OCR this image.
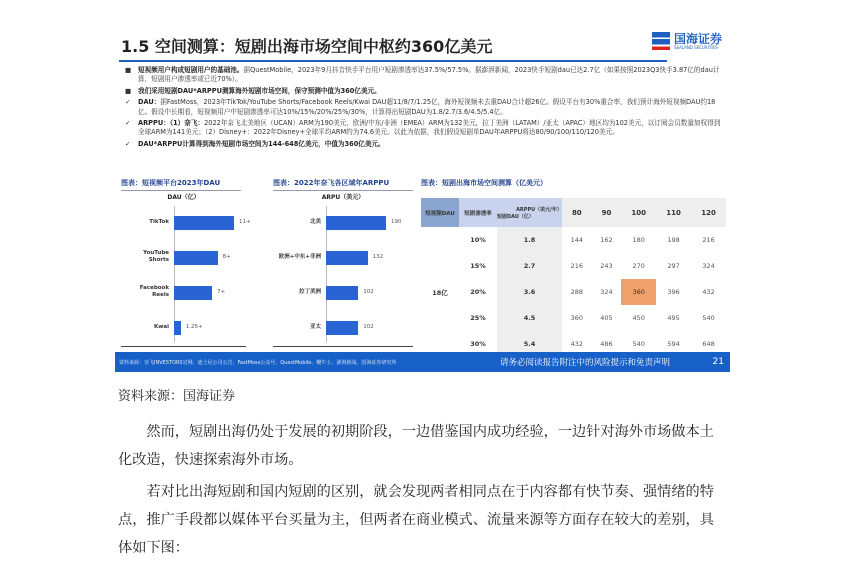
1.5 空间测算：短剧出海市场空间中枢约360亿美元	国海证券
SEALAND SECURITIES
■ 短视频用户构成短剧用户的基础池。据QuestMobile，2023年9月抖音快手平台用户短剧渗透率达37.5%/57.5%。据澎湃新闻，2023快手短剧dau已达2.7亿（如果按照2023Q3快手3.87亿的dau计算，短剧用户渗透率或已近70%）。
■ 我们采用短剧DAU*ARPPU测算海外短剧市场空间，保守预测中值为360亿美元。
✓	DAU：据FastMoss，2023年TikTok/YouTube Shorts/Facebook Reels/Kwai DAU超11/8/7/1.25亿，海外短视频未去重DAU合计超26亿。假设平台有30%重合率，我们预计海外短视频DAU约18亿。假设中长期看，短视频用户中短剧渗透率可达10%/15%/20%/25%/30%，计算得出短剧DAU为1.8/2.7/3.6/4.5/5.4亿。
✓	ARPPU：（1）奈飞：2022年奈飞北美地区（UCAN）ARM为190美元，欧洲/中东/非洲（EMEA）ARM为132美元，拉丁美洲（LATAM）/亚太（APAC）地区均为102美元，以订阅会员数量加权得到全球ARM为141美元；（2）Disney+：2022年Disney+全球平均ARM约为74.6美元。以此为依据，我们假设短剧单DAU年ARPPU将达80/90/100/110/120美元。
✓	DAU*ARPPU计算得到海外短剧市场空间为144-648亿美元，中值为360亿美元。
图表：短视频平台2023年DAU
DAU（亿）
TikTok	11+
YouTube Shorts	8+
Facebook Reels	7+
Kwai	1.25+
图表：2022年奈飞各区域年ARPPU
ARPU（美元）
北美	190
欧洲+中东+非洲	132
拉丁美洲	102
亚太	102
图表：短剧出海市场空间测算（亿美元）
短视频DAU	短剧渗透率	ARPPU（美元/年）
短剧DAU（亿）	80	90	100	110	120
18亿	10%	1.8	144	162	180	198	216
	15%	2.7	216	243	270	297	324
	20%	3.6	288	324	360	396	432
	25%	4.5	360	405	450	495	540
	30%	5.4	432	486	540	594	648
资料来源：奈飞INVESTORS官网、迪士尼公司公告、FastMoss公众号、QuestMobile、鞭牛士、澎湃新闻、国海证券研究所	请务必阅读报告附注中的风险提示和免责声明	21
资料来源：国海证券
然而，短剧出海仍处于发展的初期阶段，一边借鉴国内成功经验，一边针对海外市场做本土化改造，快速探索海外市场。
若对比出海短剧和国内短剧的区别，就会发现两者相同点在于内容都有快节奏、强情绪的特点，推广手段都以媒体平台买量为主，但两者在商业模式、流量来源等方面存在较大的差别，具体如下图：
